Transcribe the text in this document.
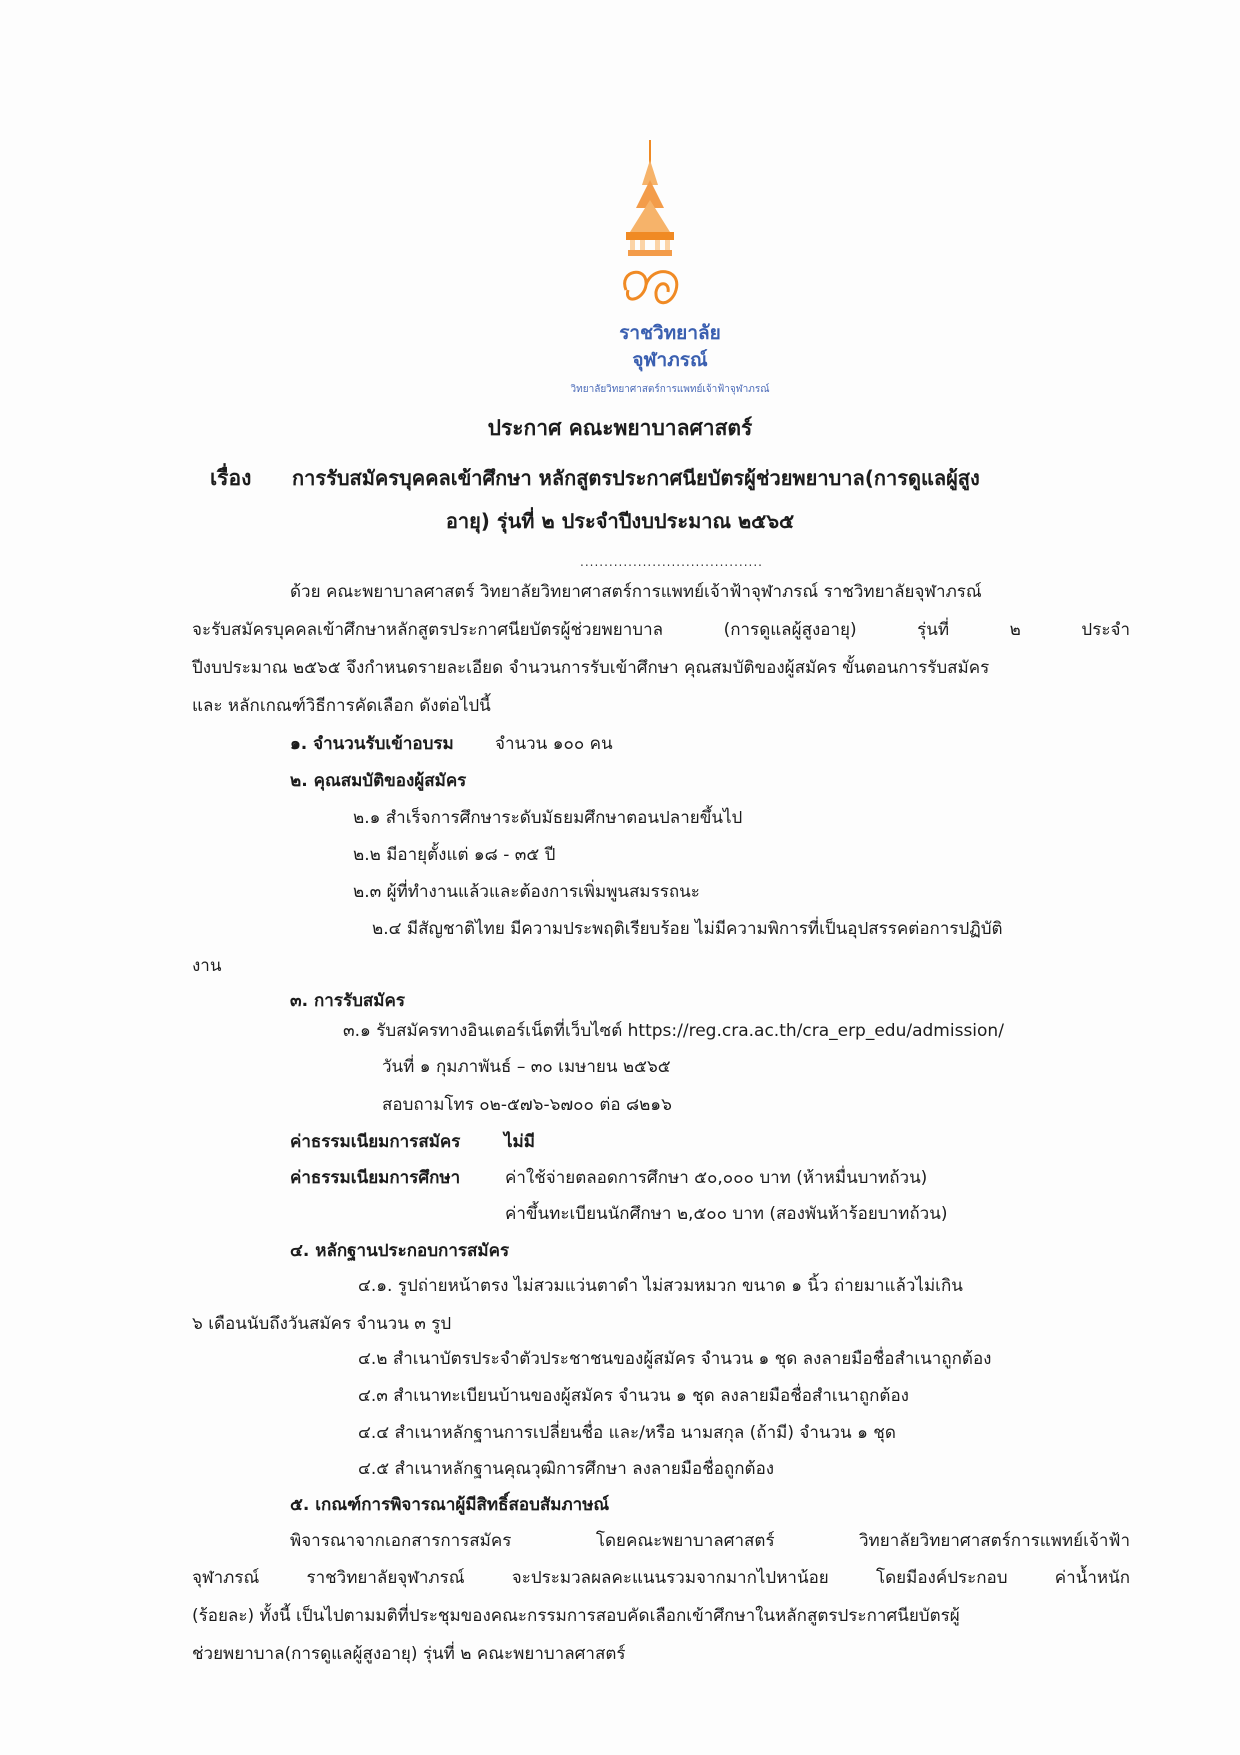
ราชวิทยาลัย
จุฬาภรณ์
วิทยาลัยวิทยาศาสตร์การแพทย์เจ้าฟ้าจุฬาภรณ์
ประกาศ คณะพยาบาลศาสตร์
เรื่อง การรับสมัครบุคคลเข้าศึกษา หลักสูตรประกาศนียบัตรผู้ช่วยพยาบาล(การดูแลผู้สูง
อายุ) รุ่นที่ ๒ ประจำปีงบประมาณ ๒๕๖๕
......................................
ด้วย คณะพยาบาลศาสตร์ วิทยาลัยวิทยาศาสตร์การแพทย์เจ้าฟ้าจุฬาภรณ์ ราชวิทยาลัยจุฬาภรณ์
จะรับสมัครบุคคลเข้าศึกษาหลักสูตรประกาศนียบัตรผู้ช่วยพยาบาล (การดูแลผู้สูงอายุ) รุ่นที่ ๒ ประจำ
ปีงบประมาณ ๒๕๖๕ จึงกำหนดรายละเอียด จำนวนการรับเข้าศึกษา คุณสมบัติของผู้สมัคร ขั้นตอนการรับสมัคร
และ หลักเกณฑ์วิธีการคัดเลือก ดังต่อไปนี้
๑. จำนวนรับเข้าอบรม จำนวน ๑๐๐ คน
๒. คุณสมบัติของผู้สมัคร
๒.๑ สำเร็จการศึกษาระดับมัธยมศึกษาตอนปลายขึ้นไป
๒.๒ มีอายุตั้งแต่ ๑๘ - ๓๕ ปี
๒.๓ ผู้ที่ทำงานแล้วและต้องการเพิ่มพูนสมรรถนะ
๒.๔ มีสัญชาติไทย มีความประพฤติเรียบร้อย ไม่มีความพิการที่เป็นอุปสรรคต่อการปฏิบัติ
งาน
๓. การรับสมัคร
๓.๑ รับสมัครทางอินเตอร์เน็ตที่เว็บไซต์ https://reg.cra.ac.th/cra_erp_edu/admission/
วันที่ ๑ กุมภาพันธ์ – ๓๐ เมษายน ๒๕๖๕
สอบถามโทร ๐๒-๕๗๖-๖๗๐๐ ต่อ ๘๒๑๖
ค่าธรรมเนียมการสมัคร	ไม่มี
ค่าธรรมเนียมการศึกษา	ค่าใช้จ่ายตลอดการศึกษา ๕๐,๐๐๐ บาท (ห้าหมื่นบาทถ้วน)
ค่าขึ้นทะเบียนนักศึกษา ๒,๕๐๐ บาท (สองพันห้าร้อยบาทถ้วน)
๔. หลักฐานประกอบการสมัคร
๔.๑. รูปถ่ายหน้าตรง ไม่สวมแว่นตาดำ ไม่สวมหมวก ขนาด ๑ นิ้ว ถ่ายมาแล้วไม่เกิน
๖ เดือนนับถึงวันสมัคร จำนวน ๓ รูป
๔.๒ สำเนาบัตรประจำตัวประชาชนของผู้สมัคร จำนวน ๑ ชุด ลงลายมือชื่อสำเนาถูกต้อง
๔.๓ สำเนาทะเบียนบ้านของผู้สมัคร จำนวน ๑ ชุด ลงลายมือชื่อสำเนาถูกต้อง
๔.๔ สำเนาหลักฐานการเปลี่ยนชื่อ และ/หรือ นามสกุล (ถ้ามี) จำนวน ๑ ชุด
๔.๕ สำเนาหลักฐานคุณวุฒิการศึกษา ลงลายมือชื่อถูกต้อง
๕. เกณฑ์การพิจารณาผู้มีสิทธิ์สอบสัมภาษณ์
พิจารณาจากเอกสารการสมัคร โดยคณะพยาบาลศาสตร์ วิทยาลัยวิทยาศาสตร์การแพทย์เจ้าฟ้า
จุฬาภรณ์ ราชวิทยาลัยจุฬาภรณ์ จะประมวลผลคะแนนรวมจากมากไปหาน้อย โดยมีองค์ประกอบ ค่าน้ำหนัก
(ร้อยละ) ทั้งนี้ เป็นไปตามมติที่ประชุมของคณะกรรมการสอบคัดเลือกเข้าศึกษาในหลักสูตรประกาศนียบัตรผู้
ช่วยพยาบาล(การดูแลผู้สูงอายุ) รุ่นที่ ๒ คณะพยาบาลศาสตร์
